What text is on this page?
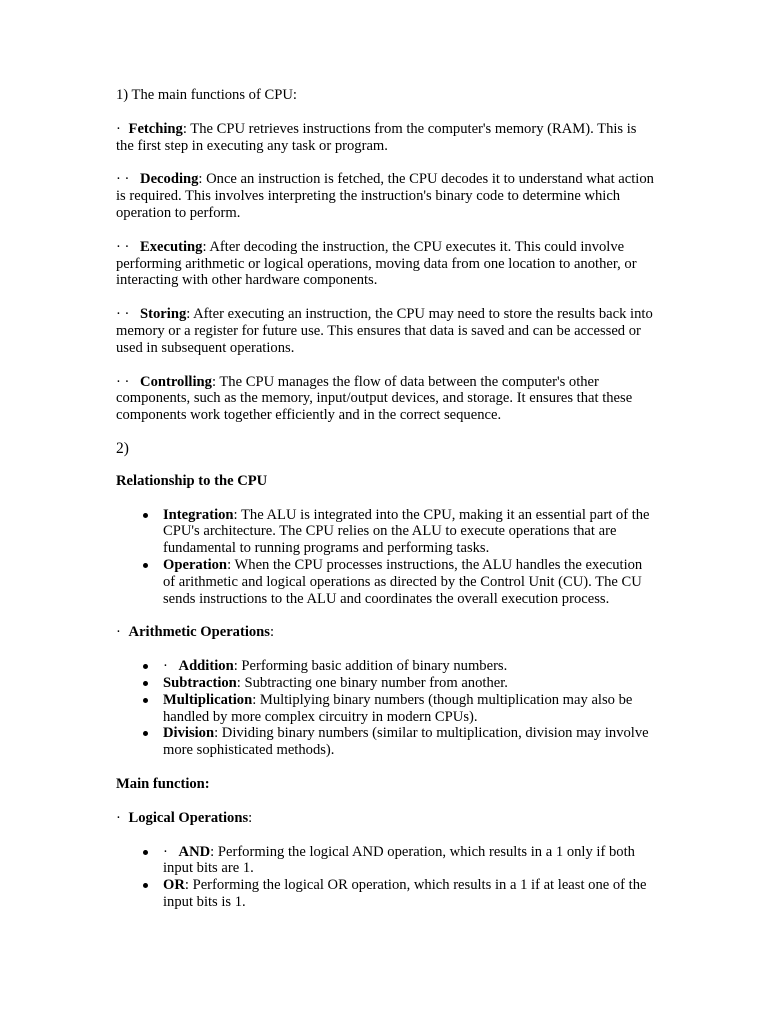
1) The main functions of CPU:

· Fetching: The CPU retrieves instructions from the computer's memory (RAM). This is the first step in executing any task or program.

· · Decoding: Once an instruction is fetched, the CPU decodes it to understand what action is required. This involves interpreting the instruction's binary code to determine which operation to perform.

· · Executing: After decoding the instruction, the CPU executes it. This could involve performing arithmetic or logical operations, moving data from one location to another, or interacting with other hardware components.

· · Storing: After executing an instruction, the CPU may need to store the results back into memory or a register for future use. This ensures that data is saved and can be accessed or used in subsequent operations.

· · Controlling: The CPU manages the flow of data between the computer's other components, such as the memory, input/output devices, and storage. It ensures that these components work together efficiently and in the correct sequence.

2)

Relationship to the CPU

Integration: The ALU is integrated into the CPU, making it an essential part of the CPU's architecture. The CPU relies on the ALU to execute operations that are fundamental to running programs and performing tasks.
Operation: When the CPU processes instructions, the ALU handles the execution of arithmetic and logical operations as directed by the Control Unit (CU). The CU sends instructions to the ALU and coordinates the overall execution process.

· Arithmetic Operations:

· Addition: Performing basic addition of binary numbers.
Subtraction: Subtracting one binary number from another.
Multiplication: Multiplying binary numbers (though multiplication may also be handled by more complex circuitry in modern CPUs).
Division: Dividing binary numbers (similar to multiplication, division may involve more sophisticated methods).

Main function:

· Logical Operations:

· AND: Performing the logical AND operation, which results in a 1 only if both input bits are 1.
OR: Performing the logical OR operation, which results in a 1 if at least one of the input bits is 1.
